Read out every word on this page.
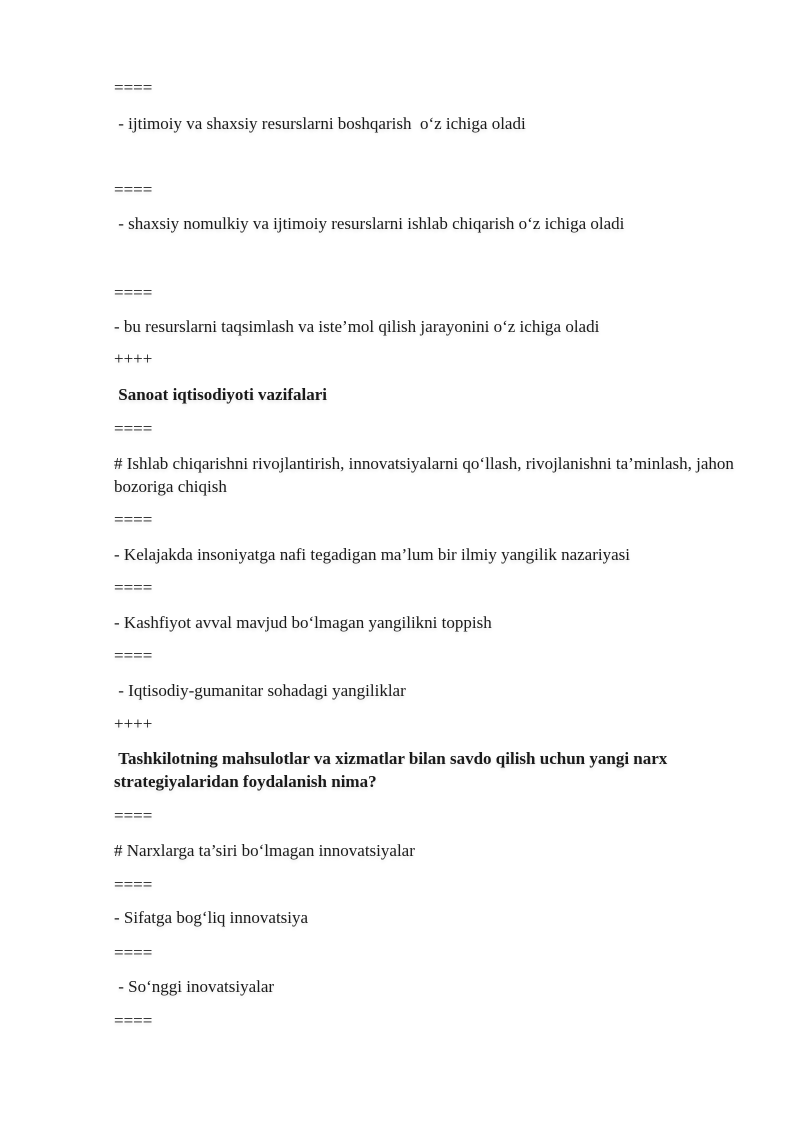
====
- ijtimoiy va shaxsiy resurslarni boshqarish  o‘z ichiga oladi
====
- shaxsiy nomulkiy va ijtimoiy resurslarni ishlab chiqarish o‘z ichiga oladi
====
- bu resurslarni taqsimlash va iste’mol qilish jarayonini o‘z ichiga oladi
++++
Sanoat iqtisodiyoti vazifalari
====
# Ishlab chiqarishni rivojlantirish, innovatsiyalarni qo‘llash, rivojlanishni ta’minlash, jahon bozoriga chiqish
====
- Kelajakda insoniyatga nafi tegadigan ma’lum bir ilmiy yangilik nazariyasi
====
- Kashfiyot avval mavjud bo‘lmagan yangilikni toppish
====
- Iqtisodiy-gumanitar sohadagi yangiliklar
++++
Tashkilotning mahsulotlar va xizmatlar bilan savdo qilish uchun yangi narx strategiyalaridan foydalanish nima?
====
# Narxlarga ta’siri bo‘lmagan innovatsiyalar
====
- Sifatga bog‘liq innovatsiya
====
- So‘nggi inovatsiyalar
====
